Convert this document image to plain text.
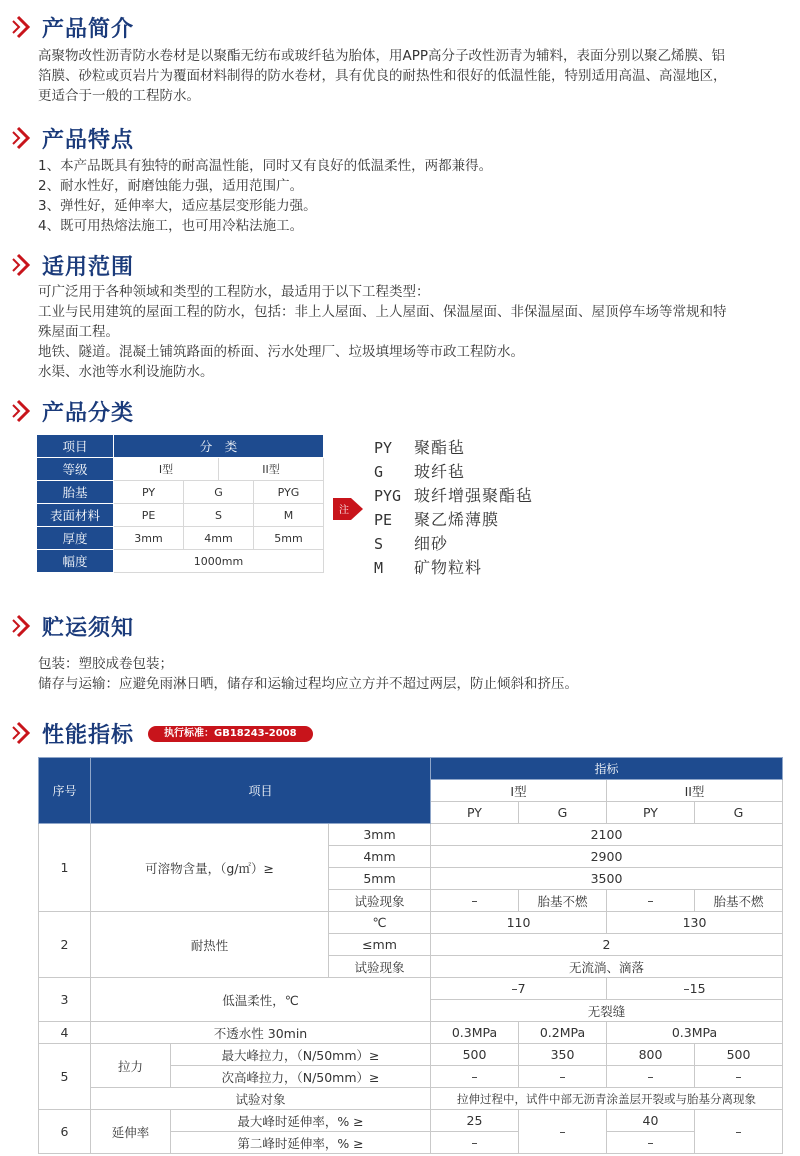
产品简介

高聚物改性沥青防水卷材是以聚酯无纺布或玻纤毡为胎体，用APP高分子改性沥青为辅料，表面分别以聚乙烯膜、铝

箔膜、砂粒或页岩片为覆面材料制得的防水卷材，具有优良的耐热性和很好的低温性能，特别适用高温、高湿地区，

更适合于一般的工程防水。

产品特点

1、本产品既具有独特的耐高温性能，同时又有良好的低温柔性，两都兼得。

2、耐水性好，耐磨蚀能力强，适用范围广。

3、弹性好，延伸率大，适应基层变形能力强。

4、既可用热熔法施工，也可用冷粘法施工。

适用范围

可广泛用于各种领域和类型的工程防水，最适用于以下工程类型：

工业与民用建筑的屋面工程的防水，包括：非上人屋面、上人屋面、保温屋面、非保温屋面、屋顶停车场等常规和特

殊屋面工程。

地铁、隧道。混凝土铺筑路面的桥面、污水处理厂、垃圾填埋场等市政工程防水。

水渠、水池等水利设施防水。

产品分类
项目	分　类			
等级	I型		II型	
胎基	PY	G		PYG
表面材料	PE	S		M
厚度	3mm	4mm		5mm
幅度	1000mm			
注
PY	聚酯毡
G	玻纤毡
PYG 玻纤增强聚酯毡
PE	聚乙烯薄膜
S	细砂
M	矿物粒料
贮运须知

包装：塑胶成卷包装；

储存与运输：应避免雨淋日晒，储存和运输过程均应立方并不超过两层，防止倾斜和挤压。

性能指标	执行标准：GB18243-2008
序号	项目			指标			
				I型		II型	
				PY	G	PY	G
1	可溶物含量，（g/㎡）≥		3mm	2100			
			4mm	2900			
			5mm	3500			
			试验现象	–	胎基不燃	–	胎基不燃
2	耐热性		℃	110		130	
			≤mm	2			
			试验现象	无流淌、滴落			
3	低温柔性，℃			–7		–15	
				无裂缝			
4	不透水性 30min			0.3MPa	0.2MPa	0.3MPa	
5	拉力	最大峰拉力，（N/50mm）≥		500	350	800	500
		次高峰拉力，（N/50mm）≥		–	–	–	–
	试验对象			拉伸过程中，试件中部无沥青涂盖层开裂或与胎基分离现象			
6	延伸率	最大峰时延伸率，% ≥		25	–	40	–
		第二峰时延伸率，% ≥		–		–	
